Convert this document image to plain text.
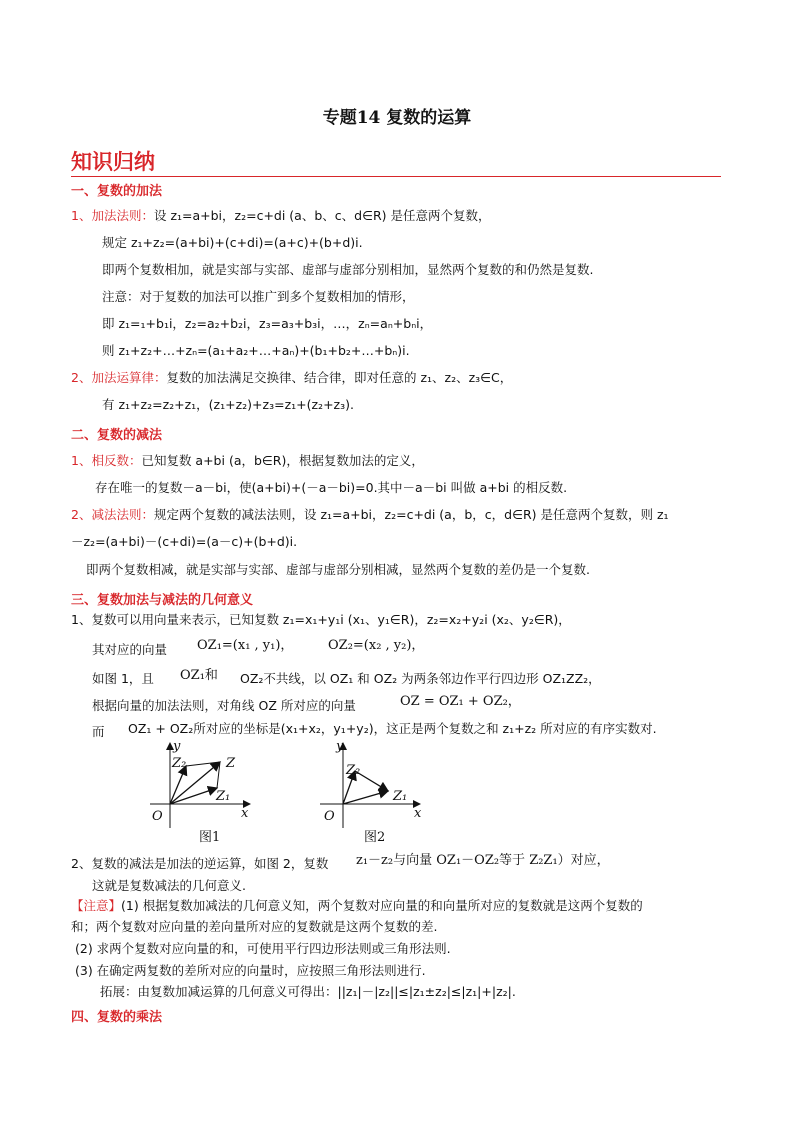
专题14 复数的运算
知识归纳
一、复数的加法
1、加法法则：设 z₁=a+bi，z₂=c+di (a、b、c、d∈R) 是任意两个复数，
规定 z₁+z₂=(a+bi)+(c+di)=(a+c)+(b+d)i.
即两个复数相加，就是实部与实部、虚部与虚部分别相加，显然两个复数的和仍然是复数.
注意：对于复数的加法可以推广到多个复数相加的情形，
即 z₁=₁+b₁i，z₂=a₂+b₂i，z₃=a₃+b₃i，…，zₙ=aₙ+bₙi，
则 z₁+z₂+…+zₙ=(a₁+a₂+…+aₙ)+(b₁+b₂+…+bₙ)i.
2、加法运算律：复数的加法满足交换律、结合律，即对任意的 z₁、z₂、z₃∈C，
有 z₁+z₂=z₂+z₁，(z₁+z₂)+z₃=z₁+(z₂+z₃).
二、复数的减法
1、相反数：已知复数 a+bi (a，b∈R)，根据复数加法的定义，
存在唯一的复数－a－bi，使(a+bi)+(－a－bi)=0.其中－a－bi 叫做 a+bi 的相反数.
2、减法法则：规定两个复数的减法法则，设 z₁=a+bi，z₂=c+di (a，b，c，d∈R) 是任意两个复数，则 z₁
－z₂=(a+bi)－(c+di)=(a－c)+(b+d)i.
即两个复数相减，就是实部与实部、虚部与虚部分别相减，显然两个复数的差仍是一个复数.
三、复数加法与减法的几何意义
1、复数可以用向量来表示，已知复数 z₁=x₁+y₁i (x₁、y₁∈R)，z₂=x₂+y₂i (x₂、y₂∈R)，
其对应的向量 OZ₁=(x₁ , y₁)，	OZ₂=(x₂ , y₂)，
如图 1，且 OZ₁和 OZ₂不共线，以 OZ₁ 和 OZ₂ 为两条邻边作平行四边形 OZ₁ZZ₂，
根据向量的加法法则，对角线 OZ 所对应的向量	OZ = OZ₁ + OZ₂，
而 OZ₁ + OZ₂所对应的坐标是(x₁+x₂，y₁+y₂)，这正是两个复数之和 z₁+z₂ 所对应的有序实数对.
y
Z₂	Z
Z₁
O	x
图1
y
Z₂
Z₁
O	x
图2
2、复数的减法是加法的逆运算，如图 2，复数 z₁－z₂与向量 OZ₁－OZ₂等于 Z₂Z₁）对应，
这就是复数减法的几何意义.
【注意】(1) 根据复数加减法的几何意义知，两个复数对应向量的和向量所对应的复数就是这两个复数的
和；两个复数对应向量的差向量所对应的复数就是这两个复数的差.
(2) 求两个复数对应向量的和，可使用平行四边形法则或三角形法则.
(3) 在确定两复数的差所对应的向量时，应按照三角形法则进行.
拓展：由复数加减运算的几何意义可得出：||z₁|－|z₂||≤|z₁±z₂|≤|z₁|+|z₂|.
四、复数的乘法
